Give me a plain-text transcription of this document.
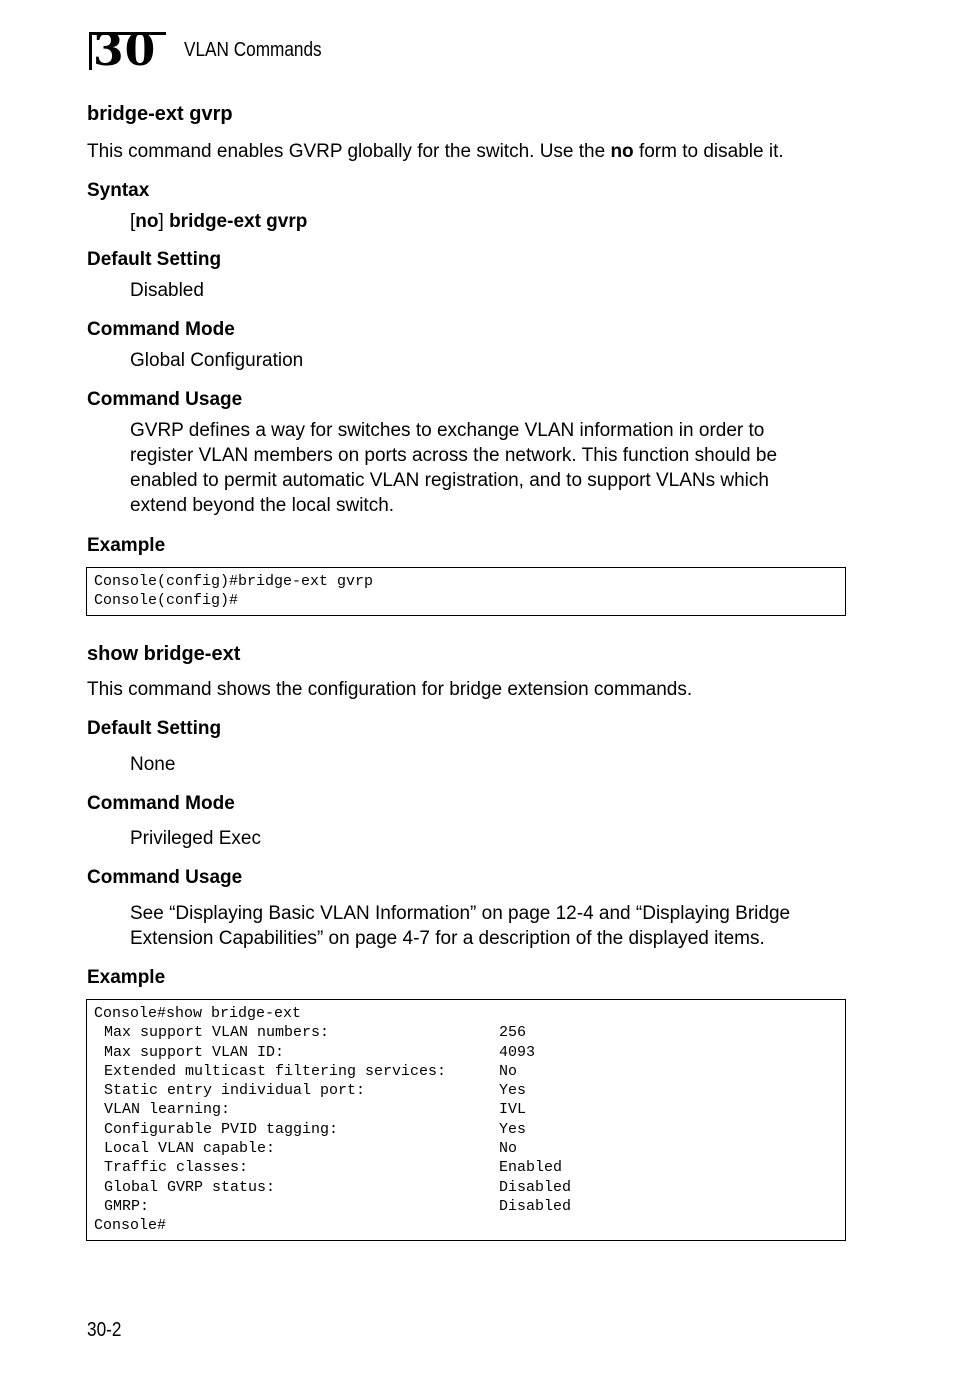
30 VLAN Commands
bridge-ext gvrp
This command enables GVRP globally for the switch. Use the no form to disable it.
Syntax
[no] bridge-ext gvrp
Default Setting
Disabled
Command Mode
Global Configuration
Command Usage
GVRP defines a way for switches to exchange VLAN information in order to
register VLAN members on ports across the network. This function should be
enabled to permit automatic VLAN registration, and to support VLANs which
extend beyond the local switch.
Example
Console(config)#bridge-ext gvrp
Console(config)#
show bridge-ext
This command shows the configuration for bridge extension commands.
Default Setting
None
Command Mode
Privileged Exec
Command Usage
See “Displaying Basic VLAN Information” on page 12-4 and “Displaying Bridge
Extension Capabilities” on page 4-7 for a description of the displayed items.
Example
Console#show bridge-ext
Max support VLAN numbers:	256
Max support VLAN ID:	4093
Extended multicast filtering services:	No
Static entry individual port:	Yes
VLAN learning:	IVL
Configurable PVID tagging:	Yes
Local VLAN capable:	No
Traffic classes:	Enabled
Global GVRP status:	Disabled
GMRP:	Disabled
Console#
30-2
